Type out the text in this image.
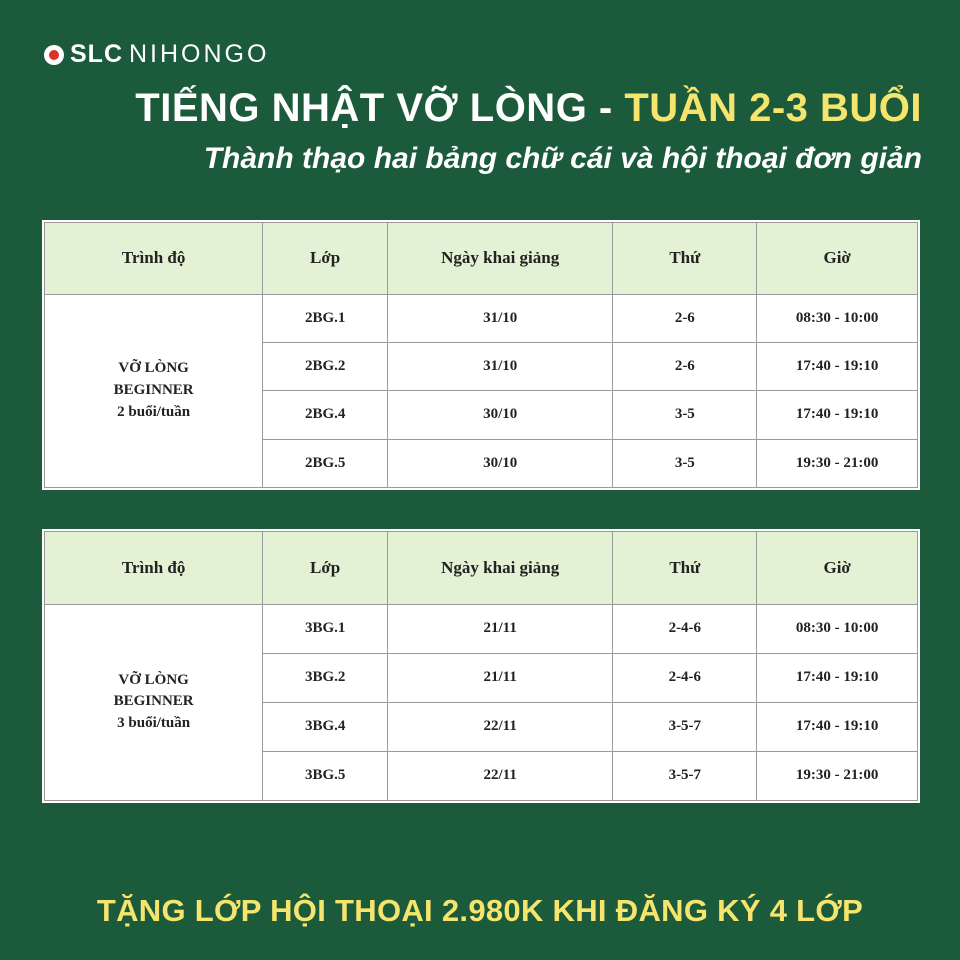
SLC NIHONGO
TIẾNG NHẬT VỠ LÒNG - TUẦN 2-3 BUỔI
Thành thạo hai bảng chữ cái và hội thoại đơn giản
Trình độ	Lớp	Ngày khai giảng	Thứ	Giờ

VỠ LÒNG
BEGINNER
2 buổi/tuần	2BG.1	31/10	2-6	08:30 - 10:00
	2BG.2	31/10	2-6	17:40 - 19:10
	2BG.4	30/10	3-5	17:40 - 19:10
	2BG.5	30/10	3-5	19:30 - 21:00
Trình độ	Lớp	Ngày khai giảng	Thứ	Giờ

VỠ LÒNG
BEGINNER
3 buổi/tuần	3BG.1	21/11	2-4-6	08:30 - 10:00
	3BG.2	21/11	2-4-6	17:40 - 19:10
	3BG.4	22/11	3-5-7	17:40 - 19:10
	3BG.5	22/11	3-5-7	19:30 - 21:00
TẶNG LỚP HỘI THOẠI 2.980K KHI ĐĂNG KÝ 4 LỚP
